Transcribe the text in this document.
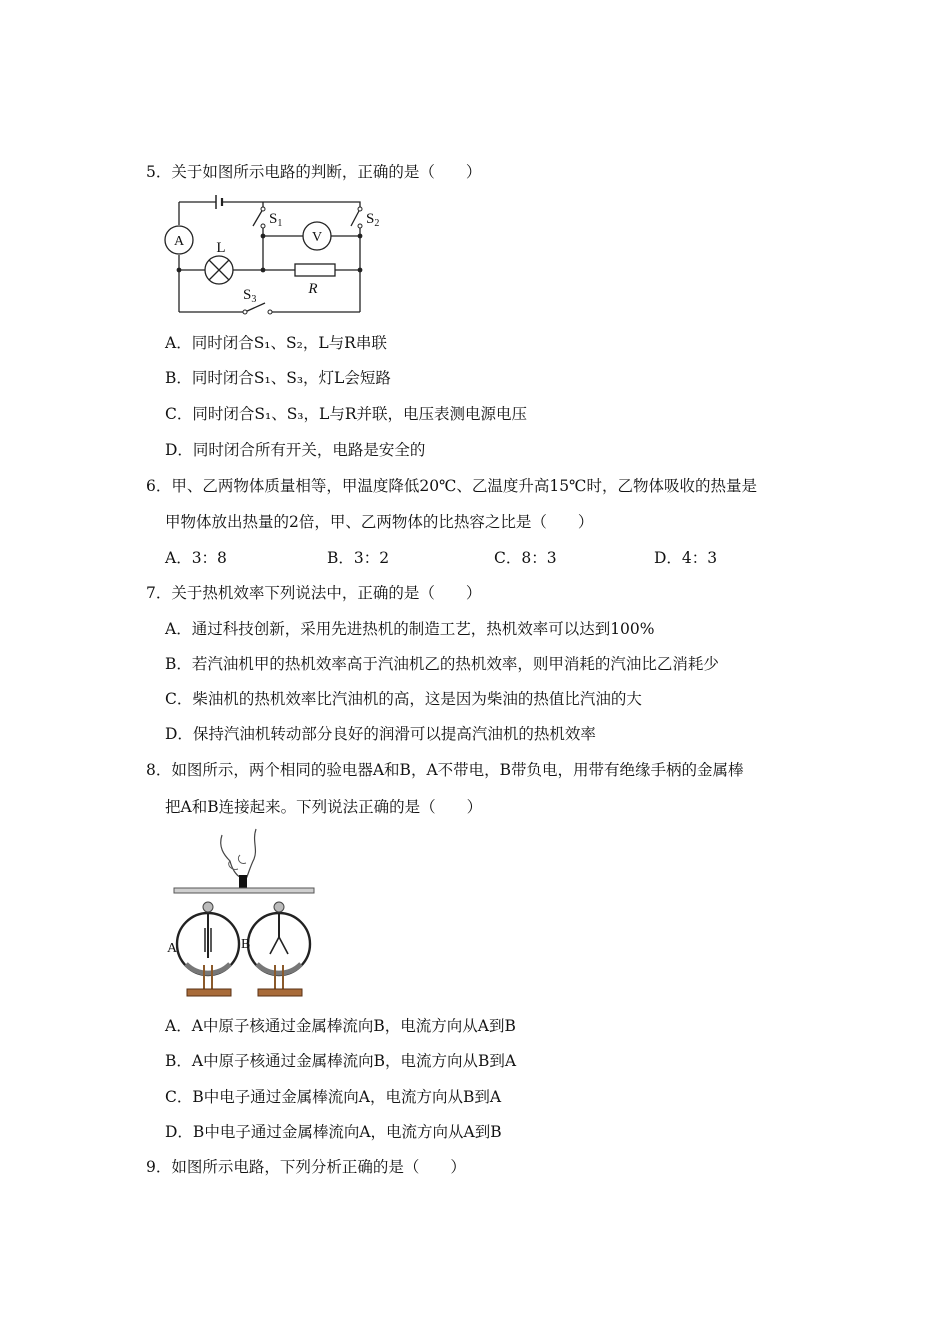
5．关于如图所示电路的判断，正确的是（　　）
A	V
L
R
$S_1$	$S_2$
$S_3$
A．同时闭合S₁、S₂，L与R串联
B．同时闭合S₁、S₃，灯L会短路
C．同时闭合S₁、S₃，L与R并联，电压表测电源电压
D．同时闭合所有开关，电路是安全的
6．甲、乙两物体质量相等，甲温度降低20℃、乙温度升高15℃时，乙物体吸收的热量是
甲物体放出热量的2倍，甲、乙两物体的比热容之比是（　　）
A．3：8	B．3：2	C．8：3	D．4：3
7．关于热机效率下列说法中，正确的是（　　）
A．通过科技创新，采用先进热机的制造工艺，热机效率可以达到100%
B．若汽油机甲的热机效率高于汽油机乙的热机效率，则甲消耗的汽油比乙消耗少
C．柴油机的热机效率比汽油机的高，这是因为柴油的热值比汽油的大
D．保持汽油机转动部分良好的润滑可以提高汽油机的热机效率
8．如图所示，两个相同的验电器A和B，A不带电，B带负电，用带有绝缘手柄的金属棒
把A和B连接起来。下列说法正确的是（　　）
A	B
A．A中原子核通过金属棒流向B，电流方向从A到B
B．A中原子核通过金属棒流向B，电流方向从B到A
C．B中电子通过金属棒流向A，电流方向从B到A
D．B中电子通过金属棒流向A，电流方向从A到B
9．如图所示电路，下列分析正确的是（　　）
